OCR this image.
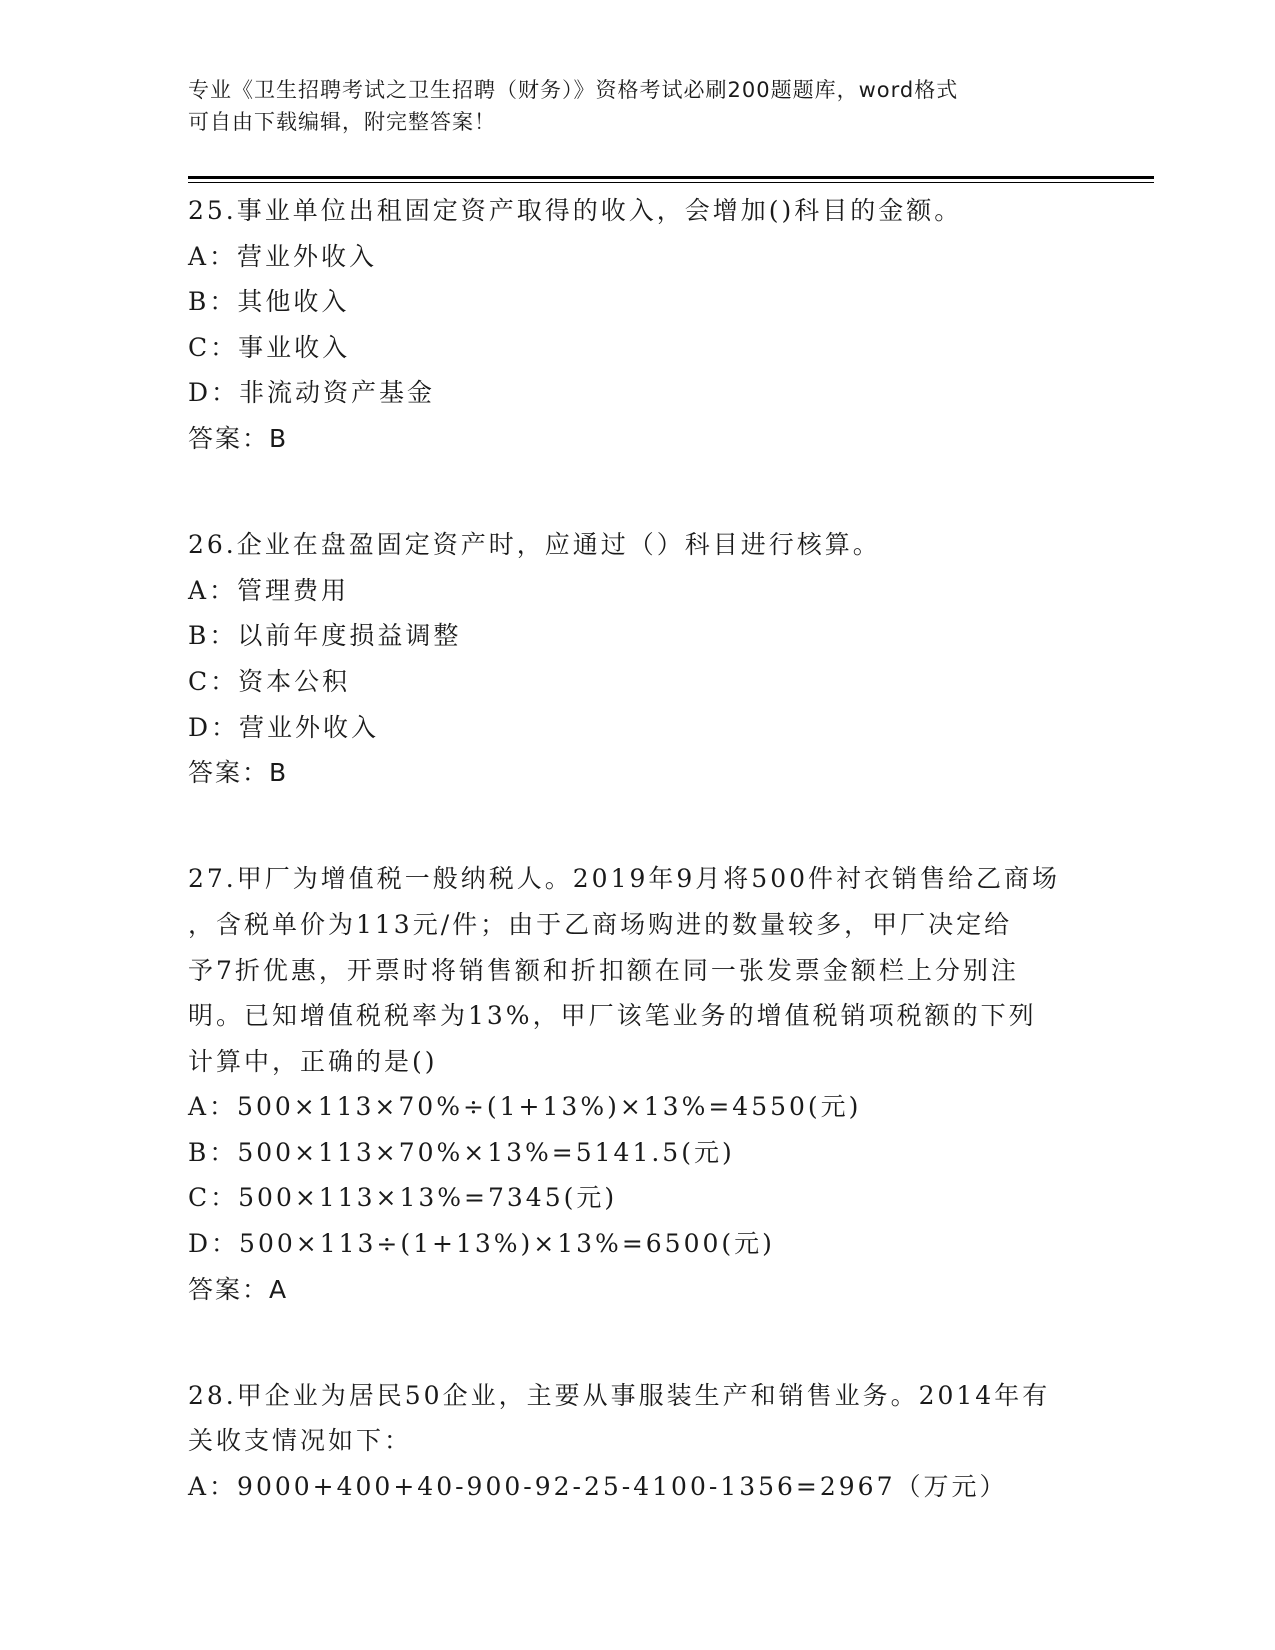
专业《卫生招聘考试之卫生招聘（财务）》资格考试必刷200题题库，word格式
可自由下载编辑，附完整答案！
25.事业单位出租固定资产取得的收入，会增加()科目的金额。
A：营业外收入
B：其他收入
C：事业收入
D：非流动资产基金
答案：B
26.企业在盘盈固定资产时，应通过（）科目进行核算。
A：管理费用
B：以前年度损益调整
C：资本公积
D：营业外收入
答案：B
27.甲厂为增值税一般纳税人。2019年9月将500件衬衣销售给乙商场
，含税单价为113元/件；由于乙商场购进的数量较多，甲厂决定给
予7折优惠，开票时将销售额和折扣额在同一张发票金额栏上分别注
明。已知增值税税率为13%，甲厂该笔业务的增值税销项税额的下列
计算中，正确的是()
A：500×113×70%÷(1+13%)×13%=4550(元)
B：500×113×70%×13%=5141.5(元)
C：500×113×13%=7345(元)
D：500×113÷(1+13%)×13%=6500(元)
答案：A
28.甲企业为居民50企业，主要从事服装生产和销售业务。2014年有
关收支情况如下：
A：9000+400+40-900-92-25-4100-1356=2967（万元）
